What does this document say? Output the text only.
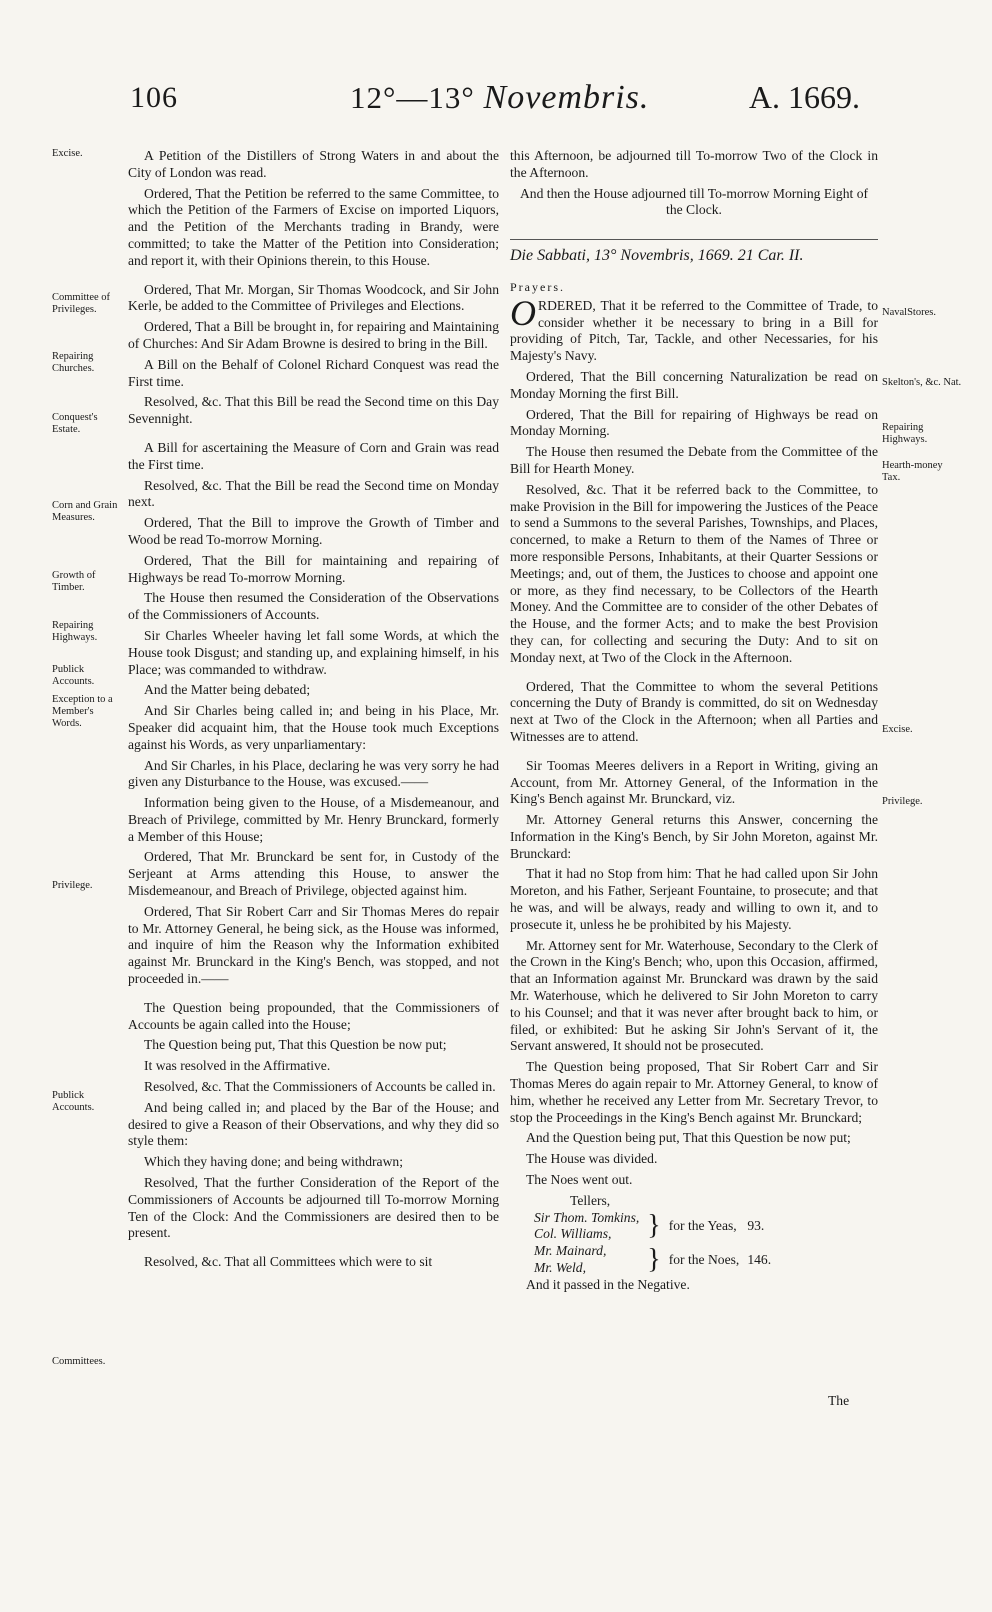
106	12°—13° Novembris.	A. 1669.
Excise.
Committee of Privileges.
Repairing Churches.
Conquest's Estate.
Corn and Grain Measures.
Growth of Timber.
Repairing Highways.
Publick Accounts.
Exception to a Member's Words.
Privilege.
Publick Accounts.
Committees.
NavalStores.
Skelton's, &c. Nat.
Repairing Highways.
Hearth-money Tax.
Excise.
Privilege.

A Petition of the Distillers of Strong Waters in and about the City of London was read.

Ordered, That the Petition be referred to the same Committee, to which the Petition of the Farmers of Excise on imported Liquors, and the Petition of the Merchants trading in Brandy, were committed; to take the Matter of the Petition into Consideration; and report it, with their Opinions therein, to this House.

Ordered, That Mr. Morgan, Sir Thomas Woodcock, and Sir John Kerle, be added to the Committee of Privileges and Elections.

Ordered, That a Bill be brought in, for repairing and Maintaining of Churches: And Sir Adam Browne is desired to bring in the Bill.

A Bill on the Behalf of Colonel Richard Conquest was read the First time.

Resolved, &c. That this Bill be read the Second time on this Day Sevennight.

A Bill for ascertaining the Measure of Corn and Grain was read the First time.

Resolved, &c. That the Bill be read the Second time on Monday next.

Ordered, That the Bill to improve the Growth of Timber and Wood be read To-morrow Morning.

Ordered, That the Bill for maintaining and repairing of Highways be read To-morrow Morning.

The House then resumed the Consideration of the Observations of the Commissioners of Accounts.

Sir Charles Wheeler having let fall some Words, at which the House took Disgust; and standing up, and explaining himself, in his Place; was commanded to withdraw.

And the Matter being debated;

And Sir Charles being called in; and being in his Place, Mr. Speaker did acquaint him, that the House took much Exceptions against his Words, as very unparliamentary:

And Sir Charles, in his Place, declaring he was very sorry he had given any Disturbance to the House, was excused.——

Information being given to the House, of a Misdemeanour, and Breach of Privilege, committed by Mr. Henry Brunckard, formerly a Member of this House;

Ordered, That Mr. Brunckard be sent for, in Custody of the Serjeant at Arms attending this House, to answer the Misdemeanour, and Breach of Privilege, objected against him.

Ordered, That Sir Robert Carr and Sir Thomas Meres do repair to Mr. Attorney General, he being sick, as the House was informed, and inquire of him the Reason why the Information exhibited against Mr. Brunckard in the King's Bench, was stopped, and not proceeded in.——

The Question being propounded, that the Commissioners of Accounts be again called into the House;

The Question being put, That this Question be now put;

It was resolved in the Affirmative.

Resolved, &c. That the Commissioners of Accounts be called in.

And being called in; and placed by the Bar of the House; and desired to give a Reason of their Observations, and why they did so style them:

Which they having done; and being withdrawn;

Resolved, That the further Consideration of the Report of the Commissioners of Accounts be adjourned till To-morrow Morning Ten of the Clock: And the Commissioners are desired then to be present.

Resolved, &c. That all Committees which were to sit

this Afternoon, be adjourned till To-morrow Two of the Clock in the Afternoon.

And then the House adjourned till To-morrow Morning Eight of the Clock.

Die Sabbati, 13° Novembris, 1669. 21 Car. II.

Prayers.

ORDERED, That it be referred to the Committee of Trade, to consider whether it be necessary to bring in a Bill for providing of Pitch, Tar, Tackle, and other Necessaries, for his Majesty's Navy.

Ordered, That the Bill concerning Naturalization be read on Monday Morning the first Bill.

Ordered, That the Bill for repairing of Highways be read on Monday Morning.

The House then resumed the Debate from the Committee of the Bill for Hearth Money.

Resolved, &c. That it be referred back to the Committee, to make Provision in the Bill for impowering the Justices of the Peace to send a Summons to the several Parishes, Townships, and Places, concerned, to make a Return to them of the Names of Three or more responsible Persons, Inhabitants, at their Quarter Sessions or Meetings; and, out of them, the Justices to choose and appoint one or more, as they find necessary, to be Collectors of the Hearth Money. And the Committee are to consider of the other Debates of the House, and the former Acts; and to make the best Provision they can, for collecting and securing the Duty: And to sit on Monday next, at Two of the Clock in the Afternoon.

Ordered, That the Committee to whom the several Petitions concerning the Duty of Brandy is committed, do sit on Wednesday next at Two of the Clock in the Afternoon; when all Parties and Witnesses are to attend.

Sir Toomas Meeres delivers in a Report in Writing, giving an Account, from Mr. Attorney General, of the Information in the King's Bench against Mr. Brunckard, viz.

Mr. Attorney General returns this Answer, concerning the Information in the King's Bench, by Sir John Moreton, against Mr. Brunckard:

That it had no Stop from him: That he had called upon Sir John Moreton, and his Father, Serjeant Fountaine, to prosecute; and that he was, and will be always, ready and willing to own it, and to prosecute it, unless he be prohibited by his Majesty.

Mr. Attorney sent for Mr. Waterhouse, Secondary to the Clerk of the Crown in the King's Bench; who, upon this Occasion, affirmed, that an Information against Mr. Brunckard was drawn by the said Mr. Waterhouse, which he delivered to Sir John Moreton to carry to his Counsel; and that it was never after brought back to him, or filed, or exhibited: But he asking Sir John's Servant of it, the Servant answered, It should not be prosecuted.

The Question being proposed, That Sir Robert Carr and Sir Thomas Meres do again repair to Mr. Attorney General, to know of him, whether he received any Letter from Mr. Secretary Trevor, to stop the Proceedings in the King's Bench against Mr. Brunckard;

And the Question being put, That this Question be now put;

The House was divided.

The Noes went out.

Tellers,
Sir Thom. Tomkins,
Col. Williams,	}	for the Yeas,	93.
Mr. Mainard,
Mr. Weld,	}	for the Noes,	146.

And it passed in the Negative.

The
